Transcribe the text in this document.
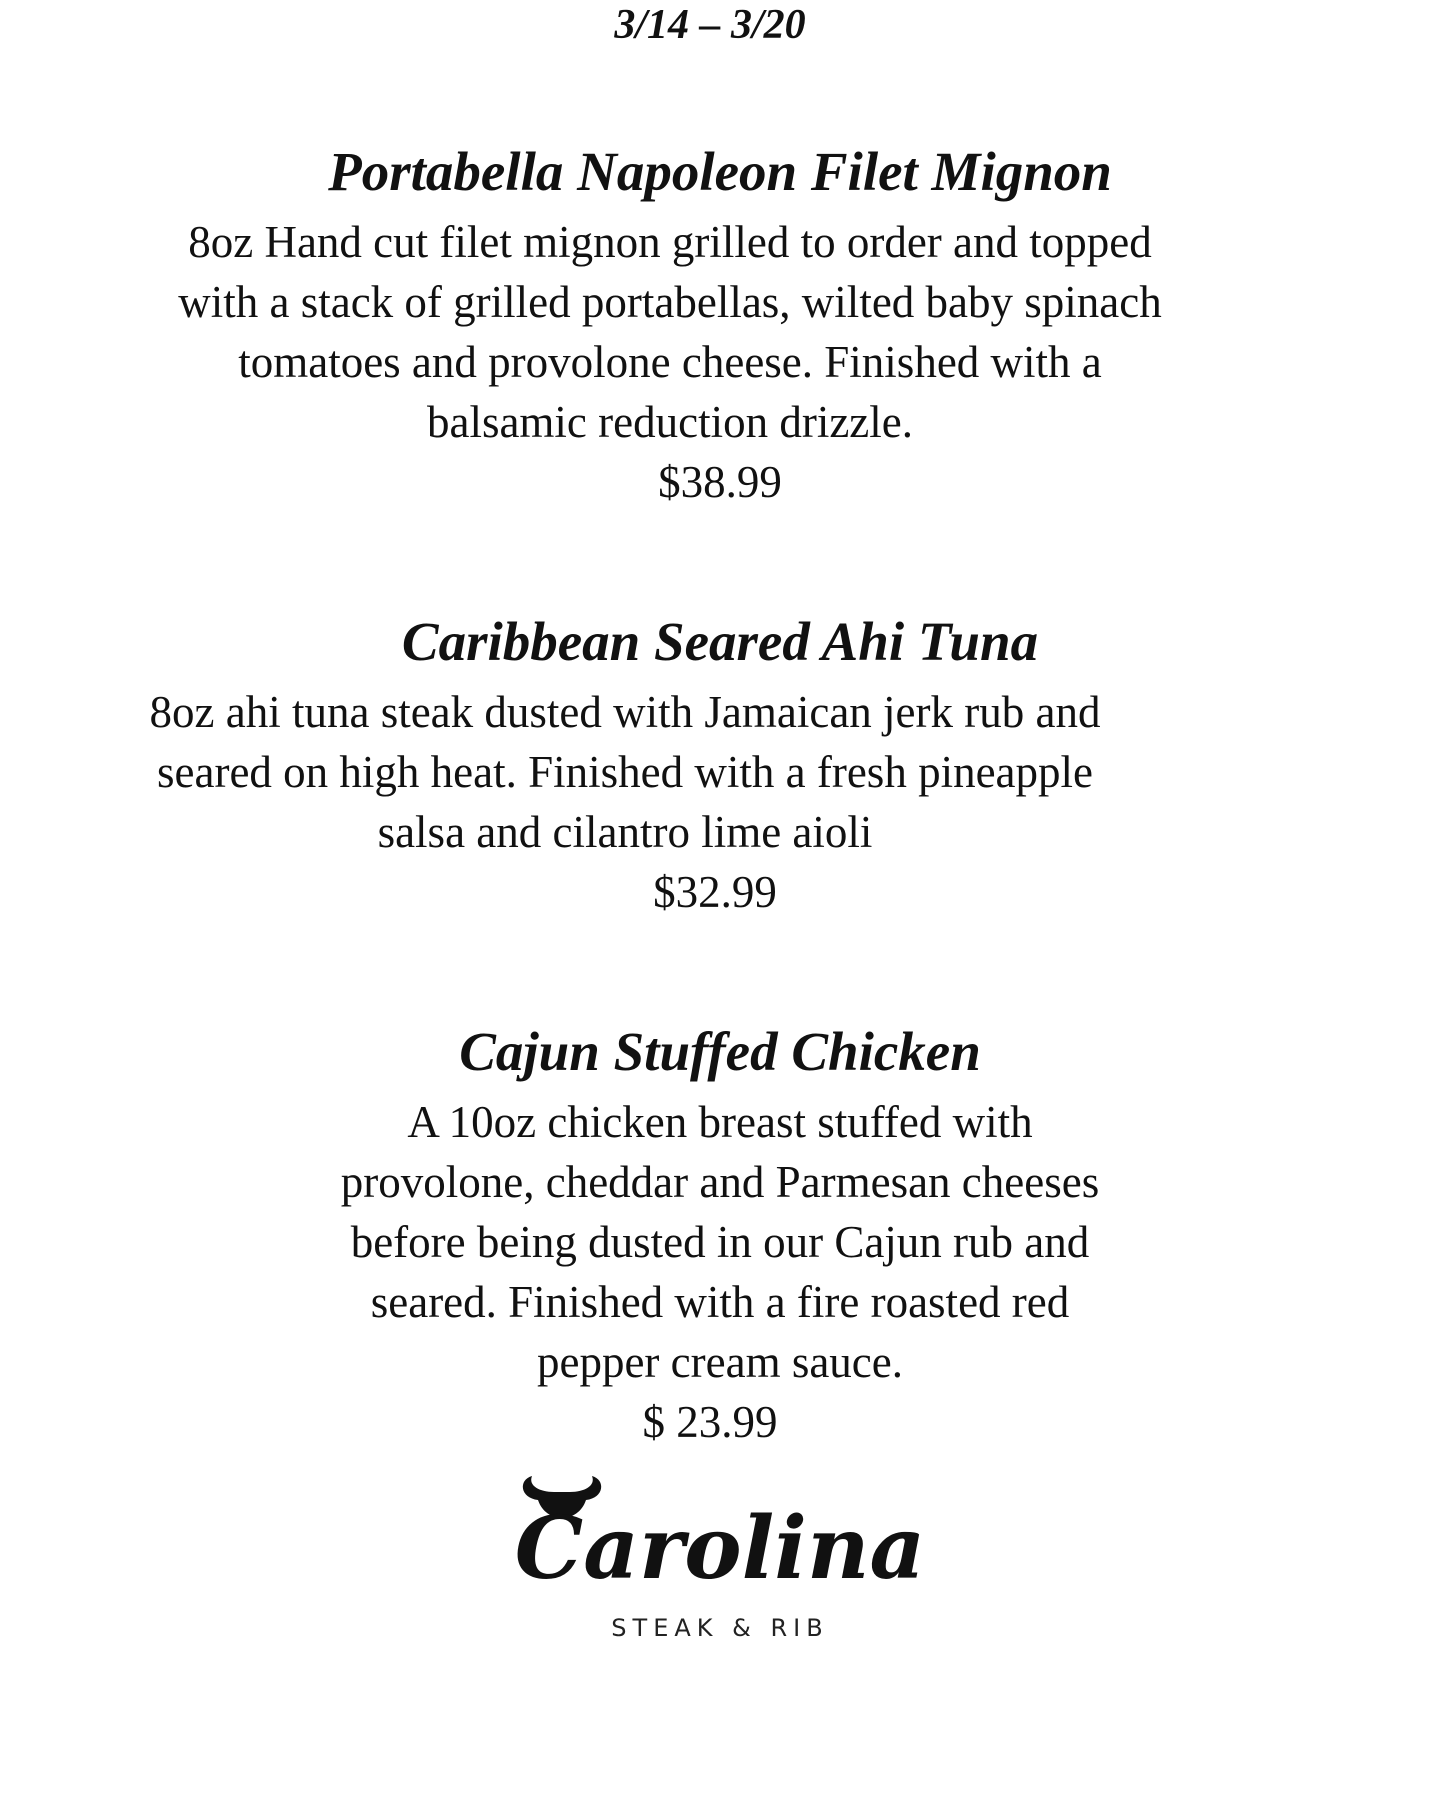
3/14 – 3/20
Portabella Napoleon Filet Mignon

8oz Hand cut filet mignon grilled to order and topped
with a stack of grilled portabellas, wilted baby spinach
tomatoes and provolone cheese. Finished with a
balsamic reduction drizzle.

$38.99

Caribbean Seared Ahi Tuna

8oz ahi tuna steak dusted with Jamaican jerk rub and
seared on high heat. Finished with a fresh pineapple
salsa and cilantro lime aioli

$32.99

Cajun Stuffed Chicken

A 10oz chicken breast stuffed with
provolone, cheddar and Parmesan cheeses
before being dusted in our Cajun rub and
seared. Finished with a fire roasted red
pepper cream sauce.

$ 23.99

Carolina
STEAK & RIB
